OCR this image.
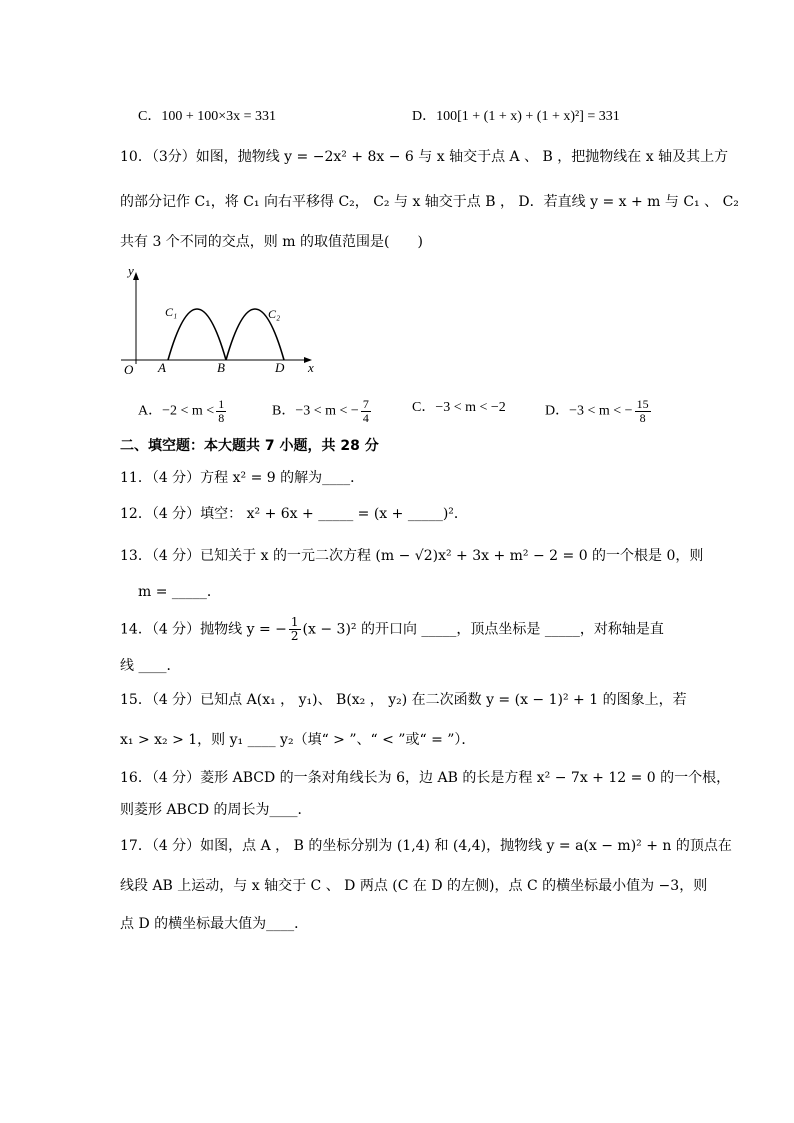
C．100 + 100×3x = 331	D．100[1 + (1 + x) + (1 + x)²] = 331
10．（3分）如图，抛物线 y = −2x² + 8x − 6 与 x 轴交于点 A 、 B ，把抛物线在 x 轴及其上方
的部分记作 C₁，将 C₁ 向右平移得 C₂， C₂ 与 x 轴交于点 B ， D．若直线 y = x + m 与 C₁ 、 C₂
共有 3 个不同的交点，则 m 的取值范围是(　　)
y
x
O A	B	D
C₁	C₂
A．$-2 < m < \frac{1}{8}$	B．−3 < m < − $\frac{7}{4}$	C．−3 < m < −2	D．−3 < m < − $\frac{15}{8}$
二、填空题：本大题共 7 小题，共 28 分
11．（4 分）方程 x² = 9 的解为____．
12．（4 分）填空： x² + 6x + _____ = (x + _____)²．
13．（4 分）已知关于 x 的一元二次方程 (m − √2)x² + 3x + m² − 2 = 0 的一个根是 0，则
m = _____．
14．（4 分）抛物线 y = − $\frac{1}{2} (x - 3)^2$ 的开口向 _____，顶点坐标是 _____，对称轴是直
线 ____．
15．（4 分）已知点 A(x₁ ， y₁)、 B(x₂ ， y₂) 在二次函数 y = (x − 1)² + 1 的图象上，若
x₁ > x₂ > 1，则 y₁ ____ y₂（填“ > ”、“ < ”或“ = ”）．
16．（4 分）菱形 ABCD 的一条对角线长为 6，边 AB 的长是方程 x² − 7x + 12 = 0 的一个根，
则菱形 ABCD 的周长为____．
17．（4 分）如图，点 A ， B 的坐标分别为 (1,4) 和 (4,4)，抛物线 y = a(x − m)² + n 的顶点在
线段 AB 上运动，与 x 轴交于 C 、 D 两点 (C 在 D 的左侧)，点 C 的横坐标最小值为 −3，则
点 D 的横坐标最大值为____．
